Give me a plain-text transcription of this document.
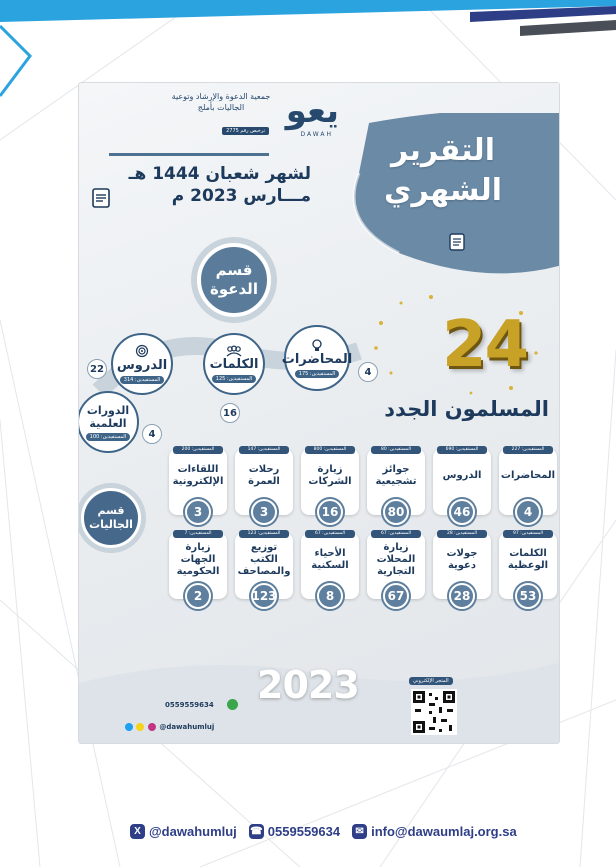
التقرير
الشهري
جمعية الدعوة والإرشاد وتوعية الجاليات بأملج
ترخيص رقم 2775 يعو
DAWAH
لشهر شعبان 1444 هـ
مـــارس 2023 م
قسم الدعوة
المحاضرات
المستفيدين: 175	4
الكلمات
المستفيدين: 125
16
الدروس
المستفيدين: 314
22
الدورات العلمية
المستفيدين: 100	4
24
المسلمون الجدد
قسم الجاليات
المستفيدين: 227
المحاضرات
4
المستفيدين: 690
الدروس
46
المستفيدين: 80
جوائز تشجيعية
80
المستفيدين: 800
زيارة الشركات
16
المستفيدين: 147
رحلات العمرة
3
المستفيدين: 200
اللقاءات الإلكترونية
3
المستفيدين: 97
الكلمات الوعظية
53
المستفيدين: 28
جولات دعوية
28
المستفيدين: 67
زيارة المحلات التجارية
67
المستفيدين: 67
الأحياء السكنية
8
المستفيدين: 123
توزيع الكتب والمصاحف
123
المستفيدين: 7
زيارة الجهات الحكومية
2
2023
0559559634
@dawahumluj
المتجر الإلكتروني
X @dawahumluj ☎ 0559559634	✉ info@dawaumlaj.org.sa
